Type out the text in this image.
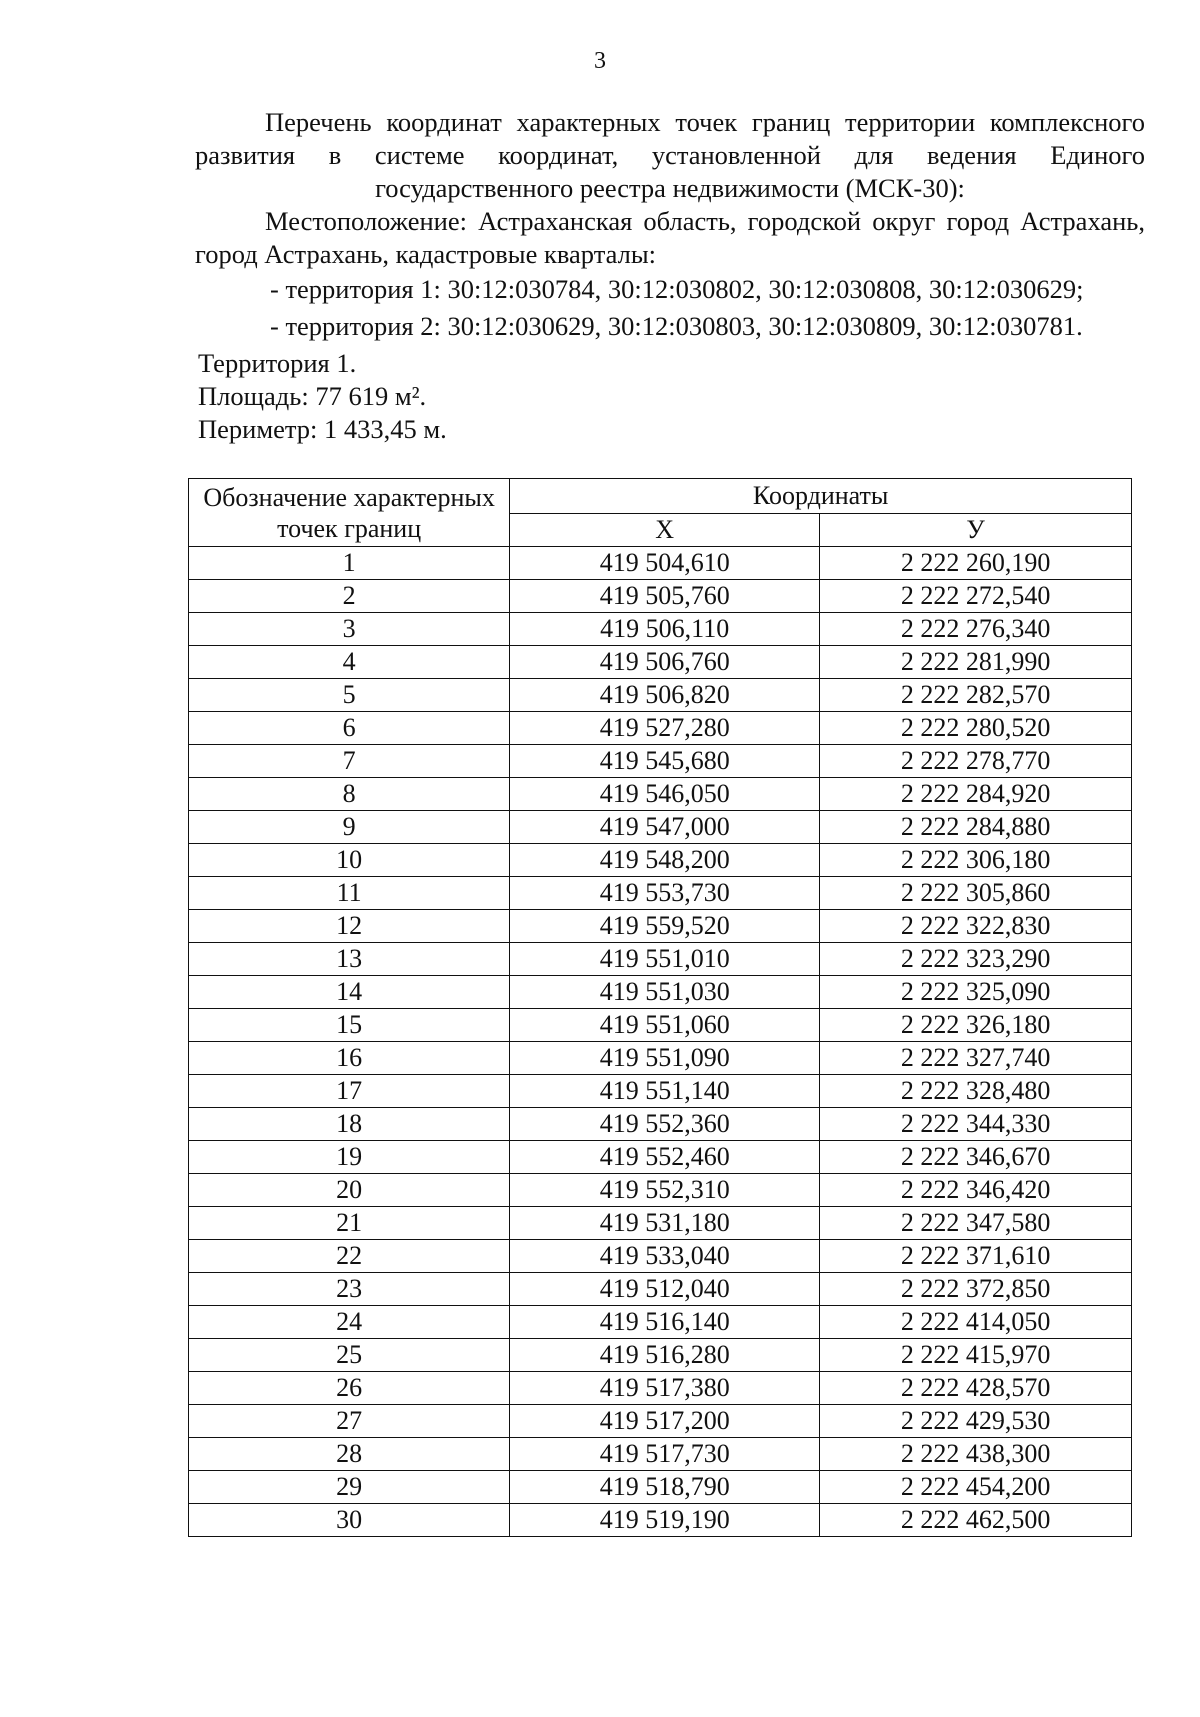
3

Перечень координат характерных точек границ территории комплексного развития в системе координат, установленной для ведения Единого государственного реестра недвижимости (МСК-30):

Местоположение: Астраханская область, городской округ город Астрахань, город Астрахань, кадастровые кварталы:

- территория 1: 30:12:030784, 30:12:030802, 30:12:030808, 30:12:030629;

- территория 2: 30:12:030629, 30:12:030803, 30:12:030809, 30:12:030781.

Территория 1.
Площадь: 77 619 м².
Периметр: 1 433,45 м.
Обозначение характерных точек границ	Координаты	
	Х	У
1	419 504,610	2 222 260,190
2	419 505,760	2 222 272,540
3	419 506,110	2 222 276,340
4	419 506,760	2 222 281,990
5	419 506,820	2 222 282,570
6	419 527,280	2 222 280,520
7	419 545,680	2 222 278,770
8	419 546,050	2 222 284,920
9	419 547,000	2 222 284,880
10	419 548,200	2 222 306,180
11	419 553,730	2 222 305,860
12	419 559,520	2 222 322,830
13	419 551,010	2 222 323,290
14	419 551,030	2 222 325,090
15	419 551,060	2 222 326,180
16	419 551,090	2 222 327,740
17	419 551,140	2 222 328,480
18	419 552,360	2 222 344,330
19	419 552,460	2 222 346,670
20	419 552,310	2 222 346,420
21	419 531,180	2 222 347,580
22	419 533,040	2 222 371,610
23	419 512,040	2 222 372,850
24	419 516,140	2 222 414,050
25	419 516,280	2 222 415,970
26	419 517,380	2 222 428,570
27	419 517,200	2 222 429,530
28	419 517,730	2 222 438,300
29	419 518,790	2 222 454,200
30	419 519,190	2 222 462,500
